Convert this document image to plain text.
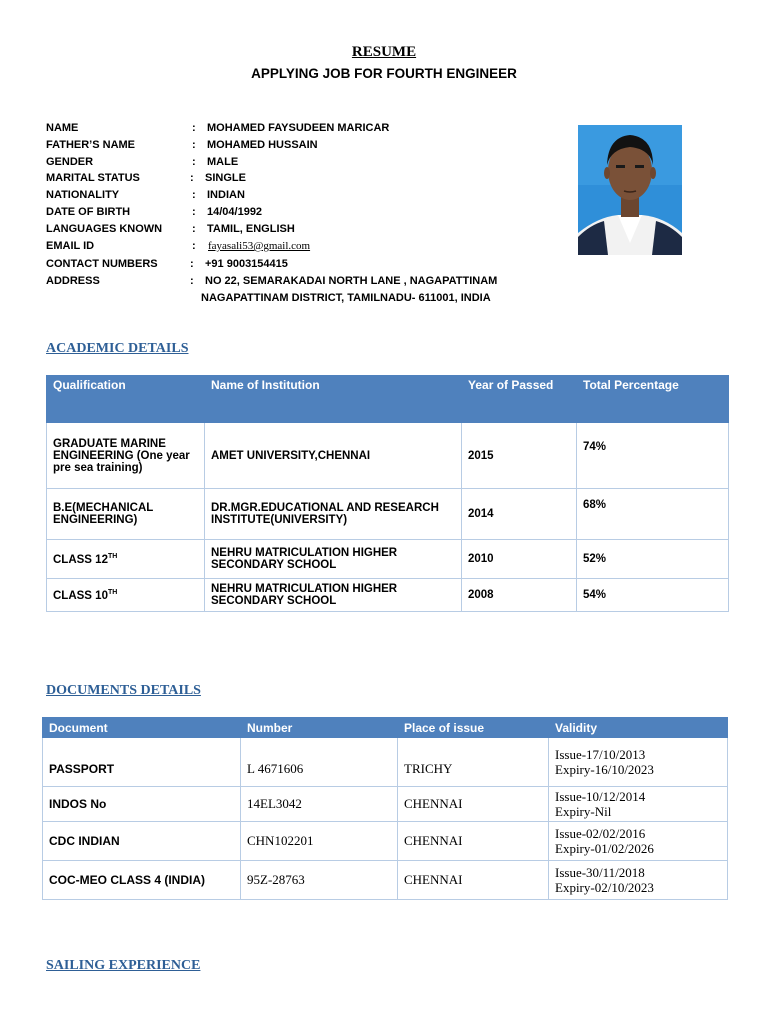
RESUME
APPLYING JOB FOR FOURTH ENGINEER
NAME	: MOHAMED FAYSUDEEN MARICAR
FATHER’S NAME	: MOHAMED HUSSAIN
GENDER	: MALE
MARITAL STATUS	: SINGLE
NATIONALITY	: INDIAN
DATE OF BIRTH	: 14/04/1992
LANGUAGES KNOWN	: TAMIL, ENGLISH
EMAIL ID	: fayasali53@gmail.com
CONTACT NUMBERS	: +91 9003154415
ADDRESS	: NO 22, SEMARAKADAI NORTH LANE , NAGAPATTINAM
NAGAPATTINAM DISTRICT, TAMILNADU- 611001, INDIA
ACADEMIC DETAILS
Qualification	Name of Institution	Year of Passed	Total Percentage
GRADUATE MARINE ENGINEERING (One year pre sea training)	AMET UNIVERSITY,CHENNAI	2015	74%
B.E(MECHANICAL ENGINEERING)	DR.MGR.EDUCATIONAL AND RESEARCH INSTITUTE(UNIVERSITY)	2014	68%
CLASS 12TH	NEHRU MATRICULATION HIGHER SECONDARY SCHOOL	2010	52%
CLASS 10TH	NEHRU MATRICULATION HIGHER SECONDARY SCHOOL	2008	54%
DOCUMENTS DETAILS
Document	Number	Place of issue	Validity
PASSPORT	L 4671606	TRICHY	Issue-17/10/2013
Expiry-16/10/2023

INDOS No	14EL3042	CHENNAI	Issue-10/12/2014
Expiry-Nil

CDC INDIAN	CHN102201	CHENNAI	Issue-02/02/2016
Expiry-01/02/2026

COC-MEO CLASS 4 (INDIA)	95Z-28763	CHENNAI	Issue-30/11/2018
Expiry-02/10/2023
SAILING EXPERIENCE
